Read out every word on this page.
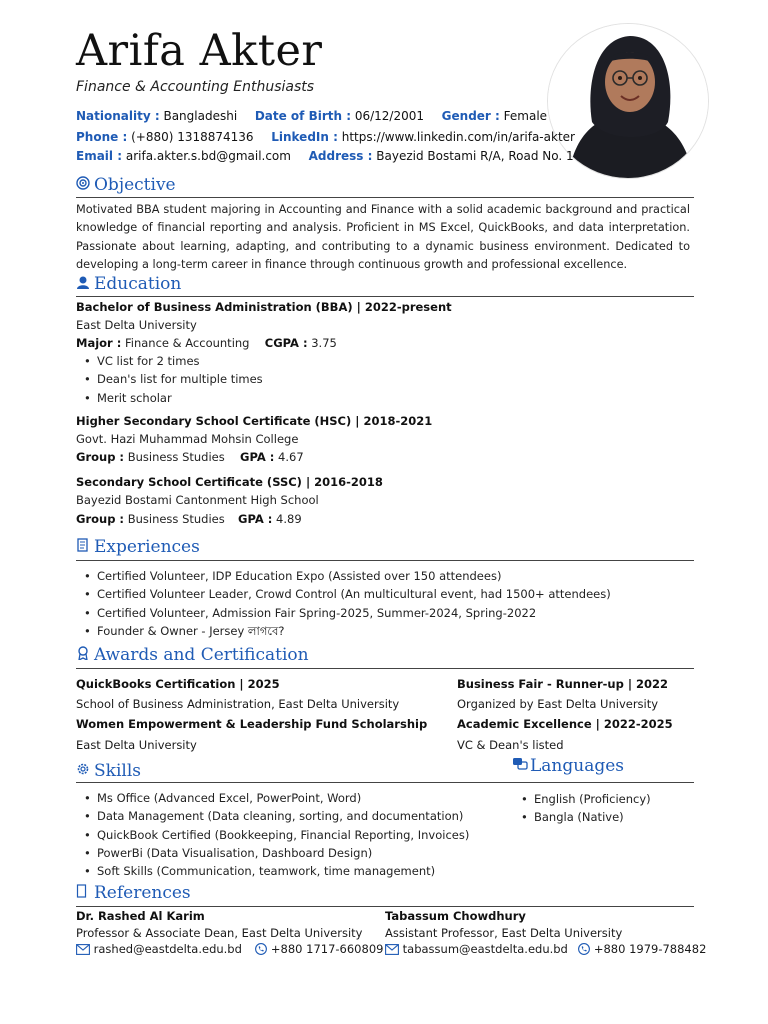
Arifa Akter
Finance & Accounting Enthusiasts
Nationality : Bangladeshi Date of Birth : 06/12/2001 Gender : Female
Phone : (+880) 1318874136 LinkedIn : https://www.linkedin.com/in/arifa-akter
Email : arifa.akter.s.bd@gmail.com Address : Bayezid Bostami R/A, Road No. 1
Objective
Motivated BBA student majoring in Accounting and Finance with a solid academic background and practical knowledge of financial reporting and analysis. Proficient in MS Excel, QuickBooks, and data interpretation. Passionate about learning, adapting, and contributing to a dynamic business environment. Dedicated to developing a long-term career in finance through continuous growth and professional excellence.
Education
Bachelor of Business Administration (BBA) | 2022-present
East Delta University
Major : Finance & Accounting CGPA : 3.75
• VC list for 2 times
• Dean's list for multiple times
• Merit scholar
Higher Secondary School Certificate (HSC) | 2018-2021
Govt. Hazi Muhammad Mohsin College
Group : Business Studies GPA : 4.67
Secondary School Certificate (SSC) | 2016-2018
Bayezid Bostami Cantonment High School
Group : Business Studies GPA : 4.89
Experiences
• Certified Volunteer, IDP Education Expo (Assisted over 150 attendees)
• Certified Volunteer Leader, Crowd Control (An multicultural event, had 1500+ attendees)
• Certified Volunteer, Admission Fair Spring-2025, Summer-2024, Spring-2022
• Founder & Owner - Jersey লাগবে?
Awards and Certification
QuickBooks Certification | 2025
School of Business Administration, East Delta University
Women Empowerment & Leadership Fund Scholarship
East Delta University
Business Fair - Runner-up | 2022
Organized by East Delta University
Academic Excellence | 2022-2025
VC & Dean's listed
Skills	Languages
• Ms Office (Advanced Excel, PowerPoint, Word)
• Data Management (Data cleaning, sorting, and documentation)
• QuickBook Certified (Bookkeeping, Financial Reporting, Invoices)
• PowerBi (Data Visualisation, Dashboard Design)
• Soft Skills (Communication, teamwork, time management)
• English (Proficiency)
• Bangla (Native)
References
Dr. Rashed Al Karim
Professor & Associate Dean, East Delta University
rashed@eastdelta.edu.bd	+880 1717-660809
Tabassum Chowdhury
Assistant Professor, East Delta University
tabassum@eastdelta.edu.bd +880 1979-788482
